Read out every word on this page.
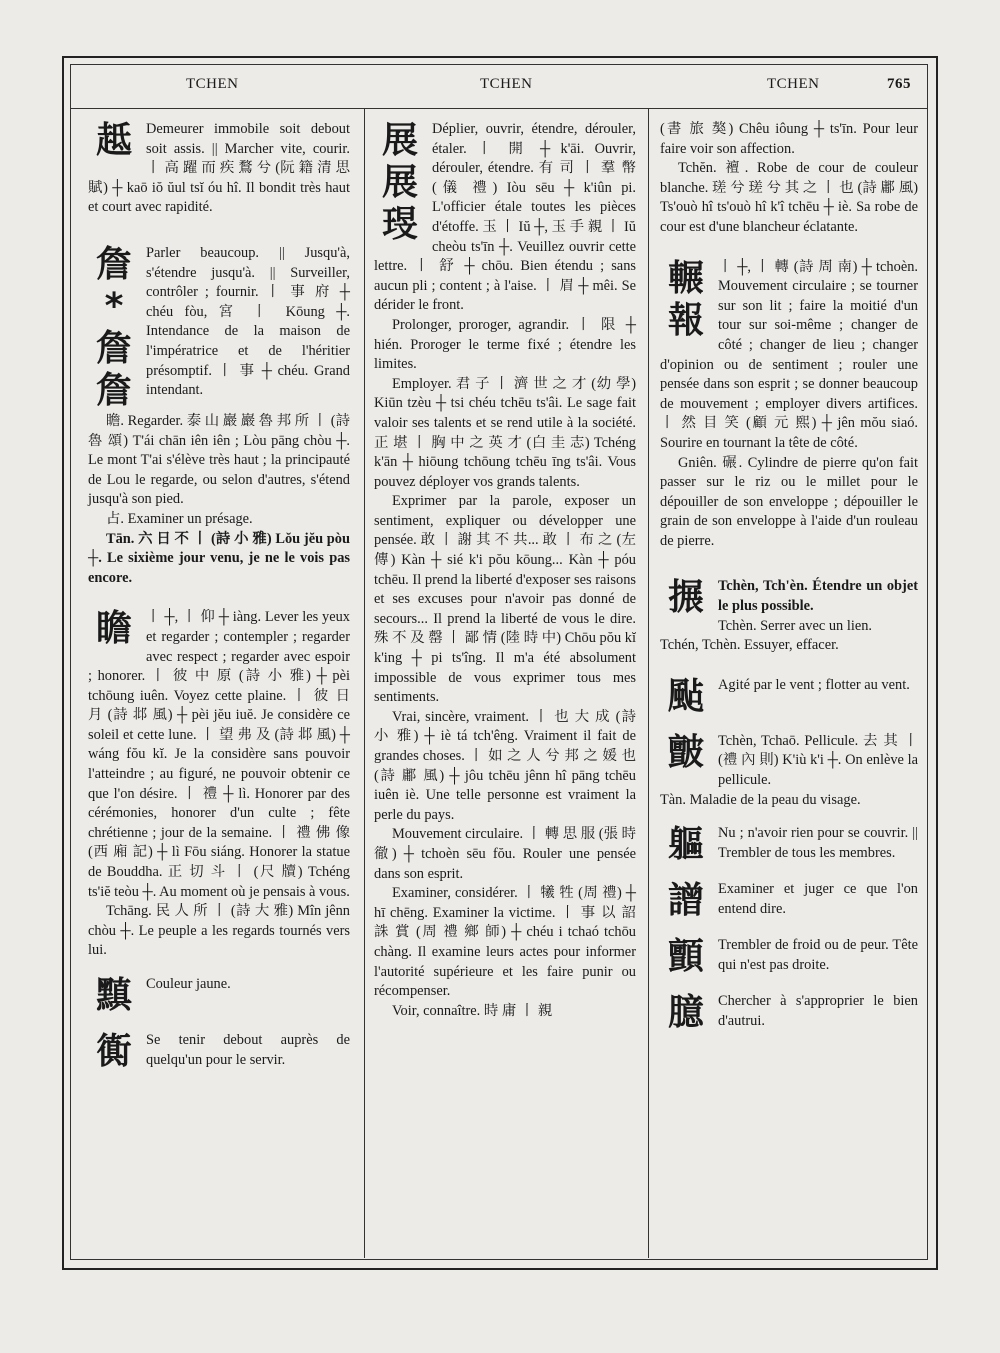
TCHEN	TCHEN	TCHEN	765
趆 Demeurer immobile soit debout soit assis. || Marcher vite, courir. 丨 高 躍 而 疾 鶩 兮 (阮 籍 清 思 賦) ┼ kaō iŏ ŭul tsĭ óu hî. Il bondit très haut et court avec rapidité.

詹
*詹
詹

Parler beaucoup. || Jusqu'à, s'étendre jusqu'à. || Surveiller, contrôler ; fournir. 丨 事 府 ┼ chéu fòu, 宮 丨 Kōung ┼. Intendance de la maison de l'impératrice et de l'héritier présomptif. 丨 事 ┼ chéu. Grand intendant.

瞻. Regarder. 泰 山 巖 巖 魯 邦 所 丨 (詩 魯 頌) T'ái chān iên iên ; Lòu pāng chòu ┼. Le mont T'ai s'élève très haut ; la principauté de Lou le regarde, ou selon d'autres, s'étend jusqu'à son pied.

占. Examiner un présage.

Tān. 六 日 不 丨 (詩 小 雅) Lŏu jĕu pòu ┼. Le sixième jour venu, je ne le vois pas encore.

瞻 丨 ┼, 丨 仰 ┼ iàng. Lever les yeux et regarder ; contempler ; regarder avec respect ; regarder avec espoir ; honorer. 丨 彼 中 原 (詩 小 雅) ┼ pèi tchōung iuên. Voyez cette plaine. 丨 彼 日 月 (詩 邶 風) ┼ pèi jĕu iuĕ. Je considère ce soleil et cette lune. 丨 望 弗 及 (詩 邶 風) ┼ wáng fŏu kĭ. Je la considère sans pouvoir l'atteindre ; au figuré, ne pouvoir obtenir ce que l'on désire. 丨 禮 ┼ lì. Honorer par des cérémonies, honorer d'un culte ; fête chrétienne ; jour de la semaine. 丨 禮 佛 像 (西 廂 記) ┼ lì Fōu siáng. Honorer la statue de Bouddha. 正 切 斗 丨 (尺 牘) Tchéng ts'iĕ teòu ┼. Au moment où je pensais à vous.

Tchāng. 民 人 所 丨 (詩 大 雅) Mîn jênn chòu ┼. Le peuple a les regards tournés vers lui.

黰 Couleur jaune.

衠 Se tenir debout auprès de quelqu'un pour le servir.

展
展
琝

Déplier, ouvrir, étendre, dérouler, étaler. 丨 開 ┼ k'āi. Ouvrir, dérouler, étendre. 有 司 丨 羣 幣 (儀 禮) Iòu sēu ┼ k'iûn pi. L'officier étale toutes les pièces d'étoffe. 玉 丨 Iŭ ┼, 玉 手 親 丨 Iŭ cheòu ts'īn ┼. Veuillez ouvrir cette lettre. 丨 舒 ┼ chōu. Bien étendu ; sans aucun pli ; content ; à l'aise. 丨 眉 ┼ mêi. Se dérider le front.

Prolonger, proroger, agrandir. 丨 限 ┼ hién. Proroger le terme fixé ; étendre les limites.

Employer. 君 子 丨 濟 世 之 才 (幼 學) Kiūn tzèu ┼ tsi chéu tchēu ts'âi. Le sage fait valoir ses talents et se rend utile à la société. 正 堪 丨 胸 中 之 英 才 (白 圭 志) Tchéng k'ān ┼ hiōung tchōung tchēu īng ts'âi. Vous pouvez déployer vos grands talents.

Exprimer par la parole, exposer un sentiment, expliquer ou développer une pensée. 敢 丨 謝 其 不 共... 敢 丨 布 之 (左 傳) Kàn ┼ sié k'i pŏu kōung... Kàn ┼ póu tchēu. Il prend la liberté d'exposer ses raisons et ses excuses pour n'avoir pas donné de secours... Il prend la liberté de vous le dire. 殊 不 及 罄 丨 鄙 情 (陸 時 中) Chōu pŏu kĭ k'ing ┼ pi ts'îng. Il m'a été absolument impossible de vous exprimer tous mes sentiments.

Vrai, sincère, vraiment. 丨 也 大 成 (詩 小 雅) ┼ iè tá tch'êng. Vraiment il fait de grandes choses. 丨 如 之 人 兮 邦 之 媛 也 (詩 鄘 風) ┼ jôu tchēu jênn hî pāng tchēu iuên iè. Une telle personne est vraiment la perle du pays.

Mouvement circulaire. 丨 轉 思 服 (張 時 徹) ┼ tchoèn sēu fŏu. Rouler une pensée dans son esprit.

Examiner, considérer. 丨 犧 牲 (周 禮) ┼ hī chēng. Examiner la victime. 丨 事 以 詔 誅 賞 (周 禮 鄉 師) ┼ chéu i tchaó tchōu chàng. Il examine leurs actes pour informer l'autorité supérieure et les faire punir ou récompenser.

Voir, connaître. 時 庸 丨 親

(書 旅 獒) Chêu iôung ┼ ts'īn. Pour leur faire voir son affection.

Tchĕn. 襢. Robe de cour de couleur blanche. 瑳 兮 瑳 兮 其 之 丨 也 (詩 鄘 風) Ts'ouò hî ts'ouò hî k'î tchēu ┼ iè. Sa robe de cour est d'une blancheur éclatante.

輾
報

丨 ┼, 丨 轉 (詩 周 南) ┼ tchoèn. Mouvement circulaire ; se tourner sur son lit ; faire la moitié d'un tour sur soi-même ; changer de côté ; changer de lieu ; changer d'opinion ou de sentiment ; rouler une pensée dans son esprit ; se donner beaucoup de mouvement ; employer divers artifices. 丨 然 目 笑 (顧 元 熙) ┼ jên mŏu siaó. Sourire en tournant la tête de côté.

Gniên. 碾. Cylindre de pierre qu'on fait passer sur le riz ou le millet pour le dépouiller de son enveloppe ; dépouiller le grain de son enveloppe à l'aide d'un rouleau de pierre.

搌 Tchèn, Tch'èn. Étendre un objet le plus possible.

Tchèn. Serrer avec un lien.

Tchén, Tchèn. Essuyer, effacer.

颭 Agité par le vent ; flotter au vent.

皽 Tchèn, Tchaō. Pellicule. 去 其 丨 (禮 內 則) K'iù k'i ┼. On enlève la pellicule.

Tàn. Maladie de la peau du visage.

軀 Nu ; n'avoir rien pour se couvrir. || Trembler de tous les membres.

譄 Examiner et juger ce que l'on entend dire.

顫 Trembler de froid ou de peur. Tête qui n'est pas droite.

臆 Chercher à s'approprier le bien d'autrui.
